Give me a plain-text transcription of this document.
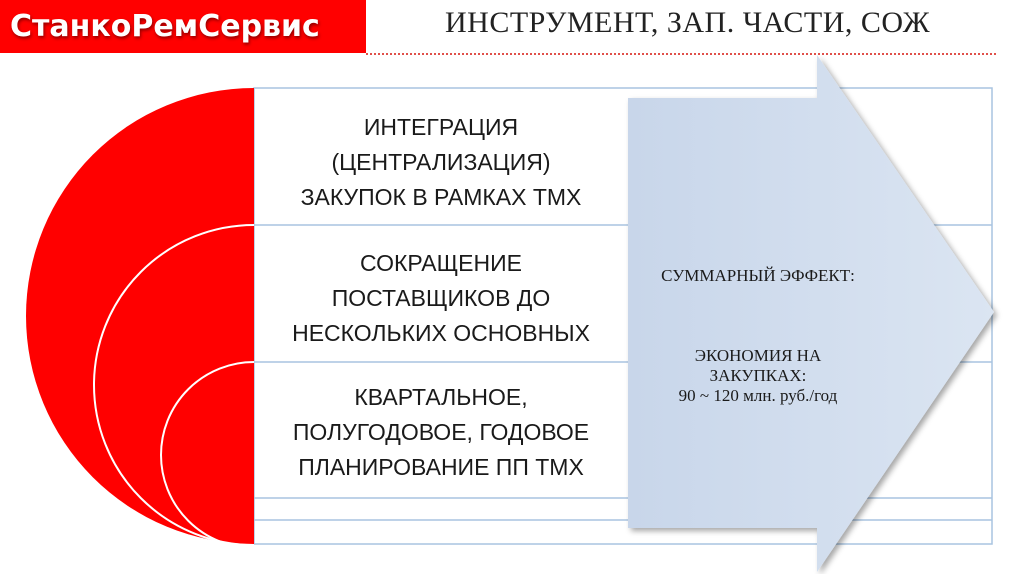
СтанкоРемСервис	ИНСТРУМЕНТ, ЗАП. ЧАСТИ, СОЖ
ИНТЕГРАЦИЯ
(ЦЕНТРАЛИЗАЦИЯ)
ЗАКУПОК В РАМКАХ ТМХ
СОКРАЩЕНИЕ
ПОСТАВЩИКОВ ДО
НЕСКОЛЬКИХ ОСНОВНЫХ
КВАРТАЛЬНОЕ,
ПОЛУГОДОВОЕ, ГОДОВОЕ
ПЛАНИРОВАНИЕ ПП ТМХ

СУММАРНЫЙ ЭФФЕКТ:

ЭКОНОМИЯ НА
ЗАКУПКАХ:
90 ~ 120 млн. руб./год
